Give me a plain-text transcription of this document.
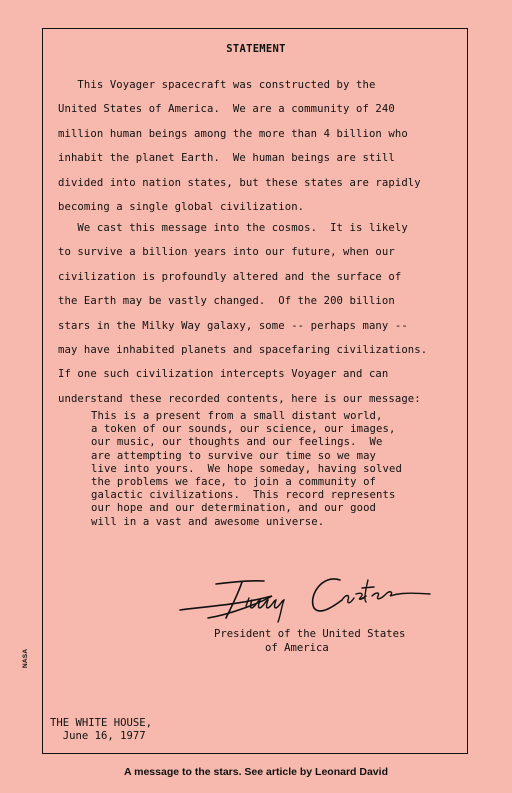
STATEMENT
This Voyager spacecraft was constructed by the
United States of America.  We are a community of 240
million human beings among the more than 4 billion who
inhabit the planet Earth.  We human beings are still
divided into nation states, but these states are rapidly
becoming a single global civilization.
We cast this message into the cosmos.  It is likely
to survive a billion years into our future, when our
civilization is profoundly altered and the surface of
the Earth may be vastly changed.  Of the 200 billion
stars in the Milky Way galaxy, some -- perhaps many --
may have inhabited planets and spacefaring civilizations.
If one such civilization intercepts Voyager and can
understand these recorded contents, here is our message:
This is a present from a small distant world,
a token of our sounds, our science, our images,
our music, our thoughts and our feelings.  We
are attempting to survive our time so we may
live into yours.  We hope someday, having solved
the problems we face, to join a community of
galactic civilizations.  This record represents
our hope and our determination, and our good
will in a vast and awesome universe.
President of the United States
of America
NASA
THE WHITE HOUSE,
June 16, 1977
A message to the stars. See article by Leonard David
